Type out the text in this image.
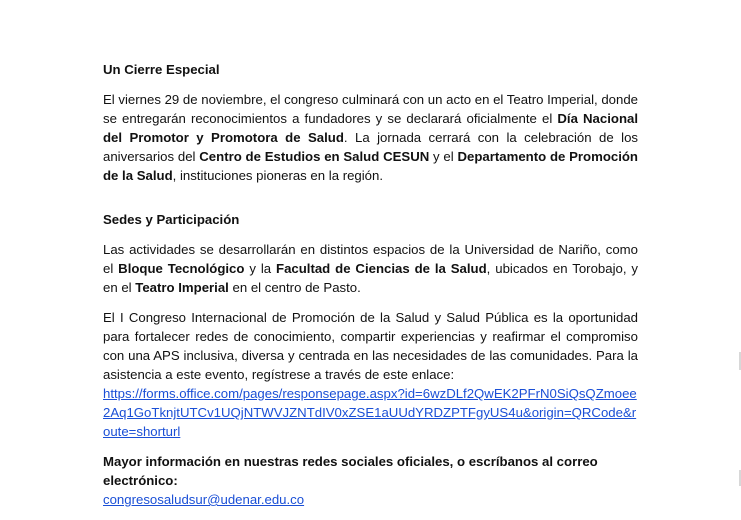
Un Cierre Especial

El viernes 29 de noviembre, el congreso culminará con un acto en el Teatro Imperial, donde se entregarán reconocimientos a fundadores y se declarará oficialmente el Día Nacional del Promotor y Promotora de Salud. La jornada cerrará con la celebración de los aniversarios del Centro de Estudios en Salud CESUN y el Departamento de Promoción de la Salud, instituciones pioneras en la región.

Sedes y Participación

Las actividades se desarrollarán en distintos espacios de la Universidad de Nariño, como el Bloque Tecnológico y la Facultad de Ciencias de la Salud, ubicados en Torobajo, y en el Teatro Imperial en el centro de Pasto.

El I Congreso Internacional de Promoción de la Salud y Salud Pública es la oportunidad para fortalecer redes de conocimiento, compartir experiencias y reafirmar el compromiso con una APS inclusiva, diversa y centrada en las necesidades de las comunidades. Para la asistencia a este evento, regístrese a través de este enlace:

https://forms.office.com/pages/responsepage.aspx?id=6wzDLf2QwEK2PFrN0SiQsQZmoee2Aq1GoTknjtUTCv1UQjNTWVJZNTdIV0xZSE1aUUdYRDZPTFgyUS4u&origin=QRCode&route=shorturl

Mayor información en nuestras redes sociales oficiales, o escríbanos al correo electrónico:
congresosaludsur@udenar.edu.co
